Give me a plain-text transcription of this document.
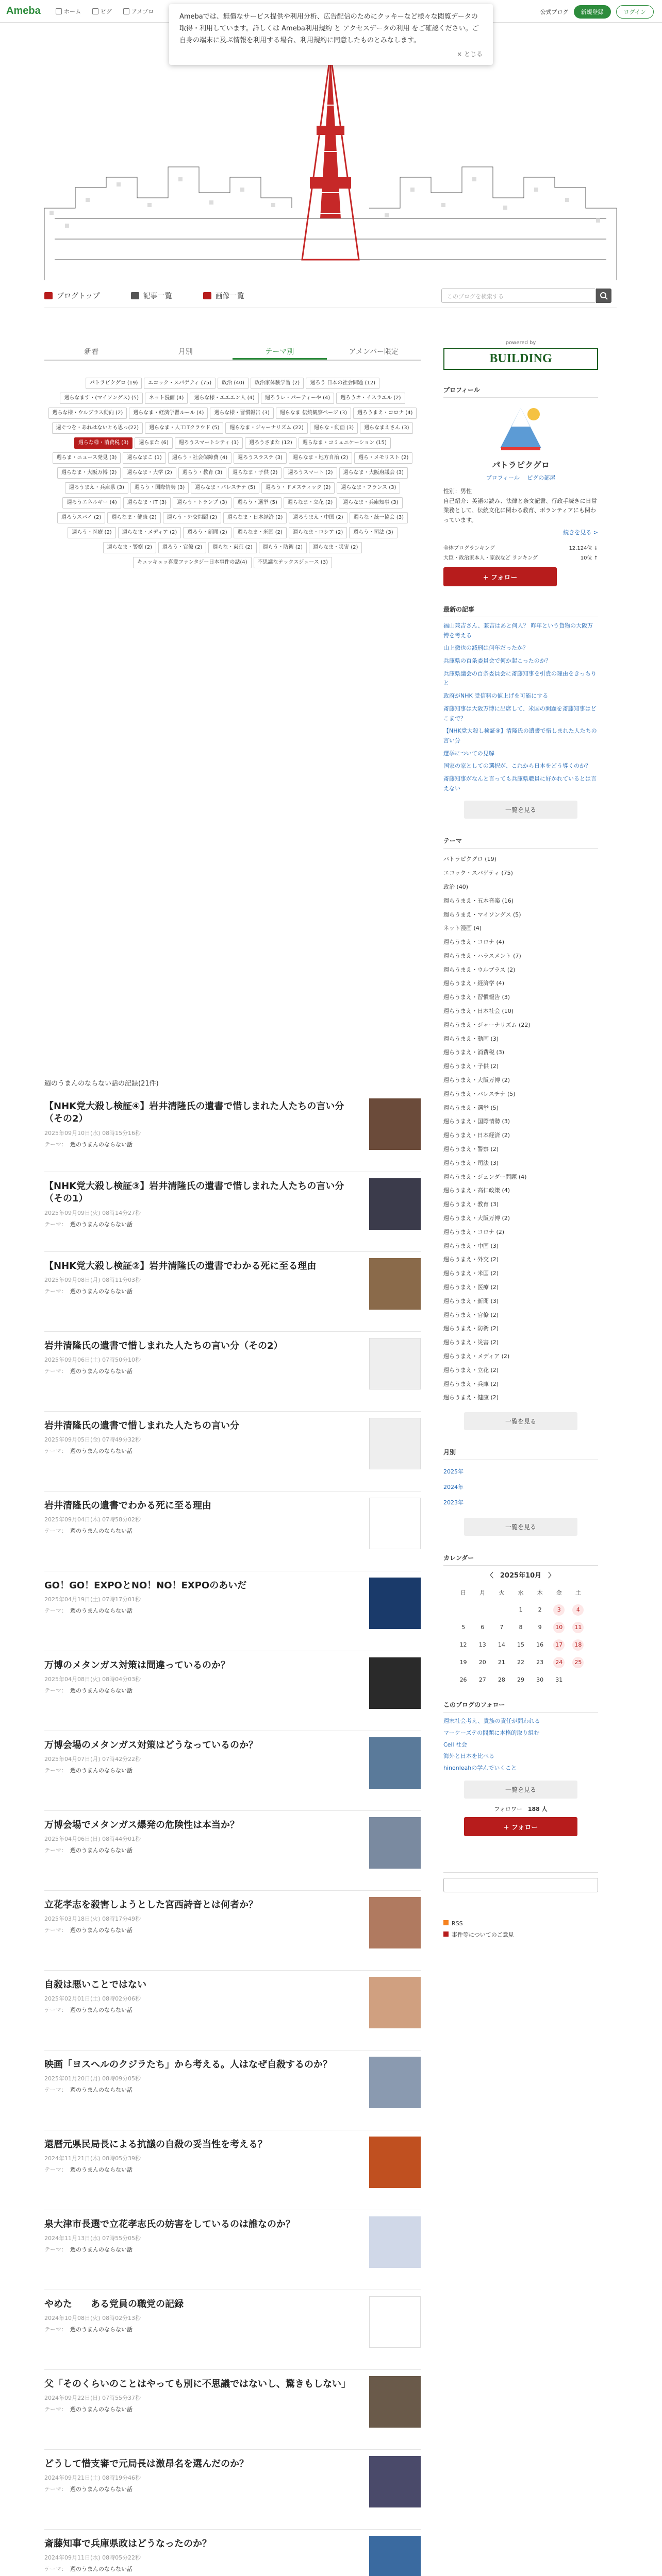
Ameba	ホーム	ピグ	アメブロ	公式ブログ	新規登録	ログイン
ブログトップ	記事一覧	画像一覧	このブログを検索する
Amebaでは、無償なサービス提供や利用分析、広告配信のためにクッキーなど様々な閲覧データの取得・利用しています。詳しくは Ameba利用規約 と アクセスデータの利用 をご確認ください。ご自身の端末に及ぶ情報を利用する場合、利用規約に同意したものとみなします。
× とじる
新着	月別	テーマ別	アメンバー限定
パトラピクグロ (19) エコック・スパゲティ (75) 政治 (40) 政治家体験学習 (2) 週ろう 日本の社会問題 (12)週らなます・(マイソングス) (5) ネット漫画 (4) 週らな様・エエエン人 (4) 週ろうレ・パーティーや (4) 週ろうオ・イスラエル (2)週らな様・ウルブラス動向 (2) 週らなま・経済学習ルール (4) 週らな様・習慣報告 (3) 週らなま 伝統観察ページ (3) 週ろうまえ・コロナ (4)週ぐつを・あれはないとも思っ(22) 週らなま・人工ITクラウド (5) 週らなま・ジャーナリズム (22) 週らな・動画 (3) 週らなまえさん (3)週らな様・消費税 (3) 週らまた (6) 週ろうスマートシティ (1) 週ろうさまた (12) 週らなま・コミュニケーション (15)週らま・ニュース発見 (3) 週らなまこ (1) 週らう・社会保障費 (4) 週ろうスラステ (3) 週らなま・地方自治 (2) 週ら・メモリスト (2)週らなま・大阪万博 (2) 週らなま・大学 (2) 週らう・教育 (3) 週らなま・子供 (2) 週ろうスマート (2) 週らなま・大阪府議会 (3)週ろうまえ・兵庫県 (3) 週らう・国際情勢 (3) 週らなま・パレスチナ (5) 週ろう・ドメスティック (2) 週らなま・フランス (3)週ろうエネルギー (4) 週らなま・IT (3) 週らう・トランプ (3) 週らう・選挙 (5) 週らなま・立花 (2) 週らなま・兵庫知事 (3)週ろうスパイ (2) 週らなま・健康 (2) 週らう・外交問題 (2) 週らなま・日本経済 (2) 週ろうまえ・中国 (2) 週らな・統一協会 (3)週らう・医療 (2) 週らなま・メディア (2) 週ろう・新聞 (2) 週らなま・米国 (2) 週らなま・ロシア (2) 週らう・司法 (3)週らなま・警察 (2) 週ろう・官僚 (2) 週らな・東京 (2) 週らう・防衛 (2) 週らなま・災害 (2)キュッキュッ喜愛ファンタジー日本事件の話(4) 不思議なテックスジュース (3)
週のうまんのならない話の記録(21件)
【NHK党大殺し検証④】岩井清隆氏の遺書で惜しまれた人たちの言い分（その2）
2025年09月10日(水) 08時15分16秒
テーマ： 週のうまんのならない話
【NHK党大殺し検証③】岩井清隆氏の遺書で惜しまれた人たちの言い分（その1）
2025年09月09日(火) 08時14分27秒
テーマ： 週のうまんのならない話
【NHK党大殺し検証②】岩井清隆氏の遺書でわかる死に至る理由
2025年09月08日(月) 08時11分03秒
テーマ： 週のうまんのならない話
岩井清隆氏の遺書で惜しまれた人たちの言い分（その2）
2025年09月06日(土) 07時50分10秒
テーマ： 週のうまんのならない話
岩井清隆氏の遺書で惜しまれた人たちの言い分
2025年09月05日(金) 07時49分32秒
テーマ： 週のうまんのならない話
岩井清隆氏の遺書でわかる死に至る理由
2025年09月04日(木) 07時58分02秒
テーマ： 週のうまんのならない話
GO！GO！EXPOとNO！NO！EXPOのあいだ
2025年04月19日(土) 07時17分01秒
テーマ： 週のうまんのならない話
万博のメタンガス対策は間違っているのか？
2025年04月08日(火) 08時04分03秒
テーマ： 週のうまんのならない話
万博会場のメタンガス対策はどうなっているのか？
2025年04月07日(月) 07時42分22秒
テーマ： 週のうまんのならない話
万博会場でメタンガス爆発の危険性は本当か？
2025年04月06日(日) 08時44分01秒
テーマ： 週のうまんのならない話
立花孝志を殺害しようとした宮西詩音とは何者か？
2025年03月18日(火) 08時17分49秒
テーマ： 週のうまんのならない話
自殺は悪いことではない
2025年02月01日(土) 08時02分06秒
テーマ： 週のうまんのならない話
映画「ヨスへルのクジラたち」から考える。人はなぜ自殺するのか？
2025年01月20日(月) 08時09分05秒
テーマ： 週のうまんのならない話
還暦元県民局長による抗議の自殺の妥当性を考える？
2024年11月21日(木) 08時05分39秒
テーマ： 週のうまんのならない話
泉大津市長選で立花孝志氏の妨害をしているのは誰なのか？
2024年11月13日(水) 07時55分05秒
テーマ： 週のうまんのならない話
やめた　　ある党員の職党の記録
2024年10月08日(火) 08時02分13秒
テーマ： 週のうまんのならない話
父「そのくらいのことはやっても別に不思議ではないし、驚きもしない」
2024年09月22日(日) 07時55分37秒
テーマ： 週のうまんのならない話
どうして惜支審で元局長は激昂名を選んだのか？
2024年09月21日(土) 08時19分46秒
テーマ： 週のうまんのならない話
斎藤知事で兵庫県政はどうなったのか？
2024年09月11日(水) 08時05分22秒
テーマ： 週のうまんのならない話
powered by
BUILDING
プロフィール
パトラピクグロ
プロフィール　 ピグの部屋
性別：男性
自己紹介：英語の読み、法律と条文記書、行政手続きに日常業務として、伝統文化に関わる教育、ボランティアにも関わっています。
続きを見る >
全体ブログランキング	12,124位 ↓
大臣・政治家本人・家族など ランキング	10位 ↑
+ フォロー
最新の記事
福山兼吉さん、兼吉はあと何人？ 昨年という貨物の大阪万博を考える
山上徹也の減刑は何年だったか？
兵庫県の百条委員会で何か起こったのか？
兵庫県議会の百条委員会に斎藤知事を引責の理由をきっちりと
政府がNHK 受信料の値上げを可能にする
斎藤知事は大阪万博に出席して、米国の問題を斎藤知事はどこまで？
【NHK党大殺し検証④】清隆氏の遺書で惜しまれた人たちの言い分
選挙についての見解
国家の家としての選択が、これから日本をどう導くのか？
斎藤知事がなんと言っても兵庫県職員に好かれているとは言えない
一覧を見る
テーマ
パトラピクグロ (19)
エコック・スパゲティ (75)
政治 (40)
週らうまえ・五本音楽 (16)
週らうまえ・マイソングス (5)
ネット漫画 (4)
週らうまえ・コロナ (4)
週らうまえ・ハラスメント (7)
週らうまえ・ウルブラス (2)
週らうまえ・経済学 (4)
週らうまえ・習慣報告 (3)
週らうまえ・日本社会 (10)
週らうまえ・ジャーナリズム (22)
週らうまえ・動画 (3)
週らうまえ・消費税 (3)
週らうまえ・子供 (2)
週らうまえ・大阪万博 (2)
週らうまえ・パレスチナ (5)
週らうまえ・選挙 (5)
週らうまえ・国際情勢 (3)
週らうまえ・日本経済 (2)
週らうまえ・警察 (2)
週らうまえ・司法 (3)
週らうまえ・ジェンダー問題 (4)
週らうまえ・高仁政策 (4)
週らうまえ・教育 (3)
週らうまえ・大阪万博 (2)
週らうまえ・コロナ (2)
週らうまえ・中国 (3)
週らうまえ・外交 (2)
週らうまえ・米国 (2)
週らうまえ・医療 (2)
週らうまえ・新聞 (3)
週らうまえ・官僚 (2)
週らうまえ・防衛 (2)
週らうまえ・災害 (2)
週らうまえ・メディア (2)
週らうまえ・立花 (2)
週らうまえ・兵庫 (2)
週らうまえ・健康 (2)
一覧を見る
月別
2025年
2024年
2023年
一覧を見る
カレンダー
〈　2025年10月　〉
日	月	火	水	木	金	土
			1	2	3	4
5	6	7	8	9	10	11
12	13	14	15	16	17	18
19	20	21	22	23	24	25
26	27	28	29	30	31	
このブログのフォロー
週末社会考え、貴族の責任が問われる
マーケーズテの問題に本格的取り組む
Cell 社会
海外と日本を比べる
hinonleahの学んでいくこと
一覧を見る
フォロワー　 188 人
+ フォロー
RSS
事件等についてのご意見
